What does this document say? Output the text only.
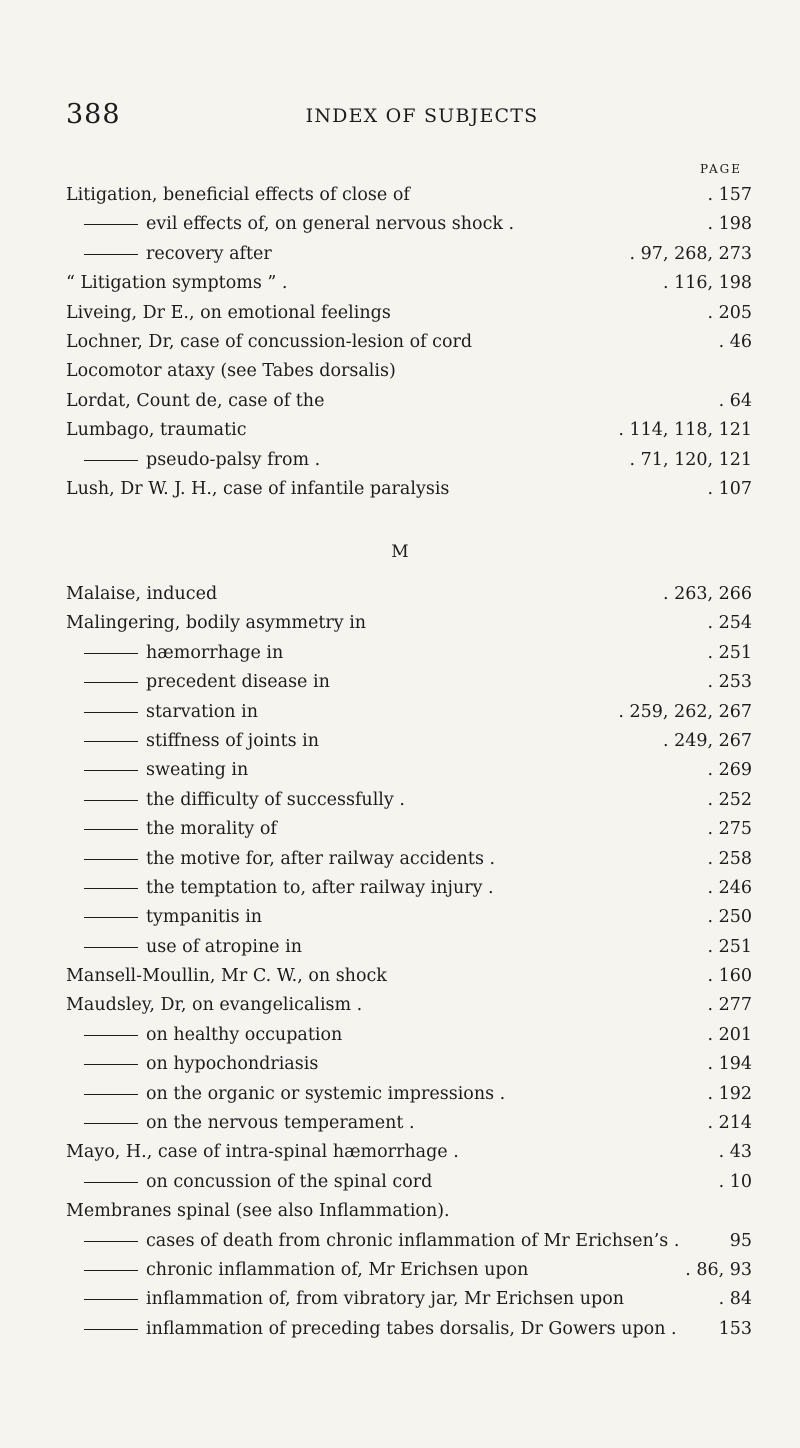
388	INDEX OF SUBJECTS
PAGE
Litigation, beneficial effects of close of	. 157
evil effects of, on general nervous shock .	. 198
recovery after	. 97, 268, 273
“ Litigation symptoms ” .	. 116, 198
Liveing, Dr E., on emotional feelings	. 205
Lochner, Dr, case of concussion-lesion of cord	. 46
Locomotor ataxy (see Tabes dorsalis)
Lordat, Count de, case of the	. 64
Lumbago, traumatic	. 114, 118, 121
pseudo-palsy from .	. 71, 120, 121
Lush, Dr W. J. H., case of infantile paralysis	. 107
M
Malaise, induced	. 263, 266
Malingering, bodily asymmetry in	. 254
hæmorrhage in	. 251
precedent disease in	. 253
starvation in	. 259, 262, 267
stiffness of joints in	. 249, 267
sweating in	. 269
the difficulty of successfully .	. 252
the morality of	. 275
the motive for, after railway accidents .	. 258
the temptation to, after railway injury .	. 246
tympanitis in	. 250
use of atropine in	. 251
Mansell-Moullin, Mr C. W., on shock	. 160
Maudsley, Dr, on evangelicalism .	. 277
on healthy occupation	. 201
on hypochondriasis	. 194
on the organic or systemic impressions .	. 192
on the nervous temperament .	. 214
Mayo, H., case of intra-spinal hæmorrhage .	. 43
on concussion of the spinal cord	. 10
Membranes spinal (see also Inflammation).
cases of death from chronic inflammation of Mr Erichsen’s .	95
chronic inflammation of, Mr Erichsen upon	. 86, 93
inflammation of, from vibratory jar, Mr Erichsen upon	. 84
inflammation of preceding tabes dorsalis, Dr Gowers upon . 153
